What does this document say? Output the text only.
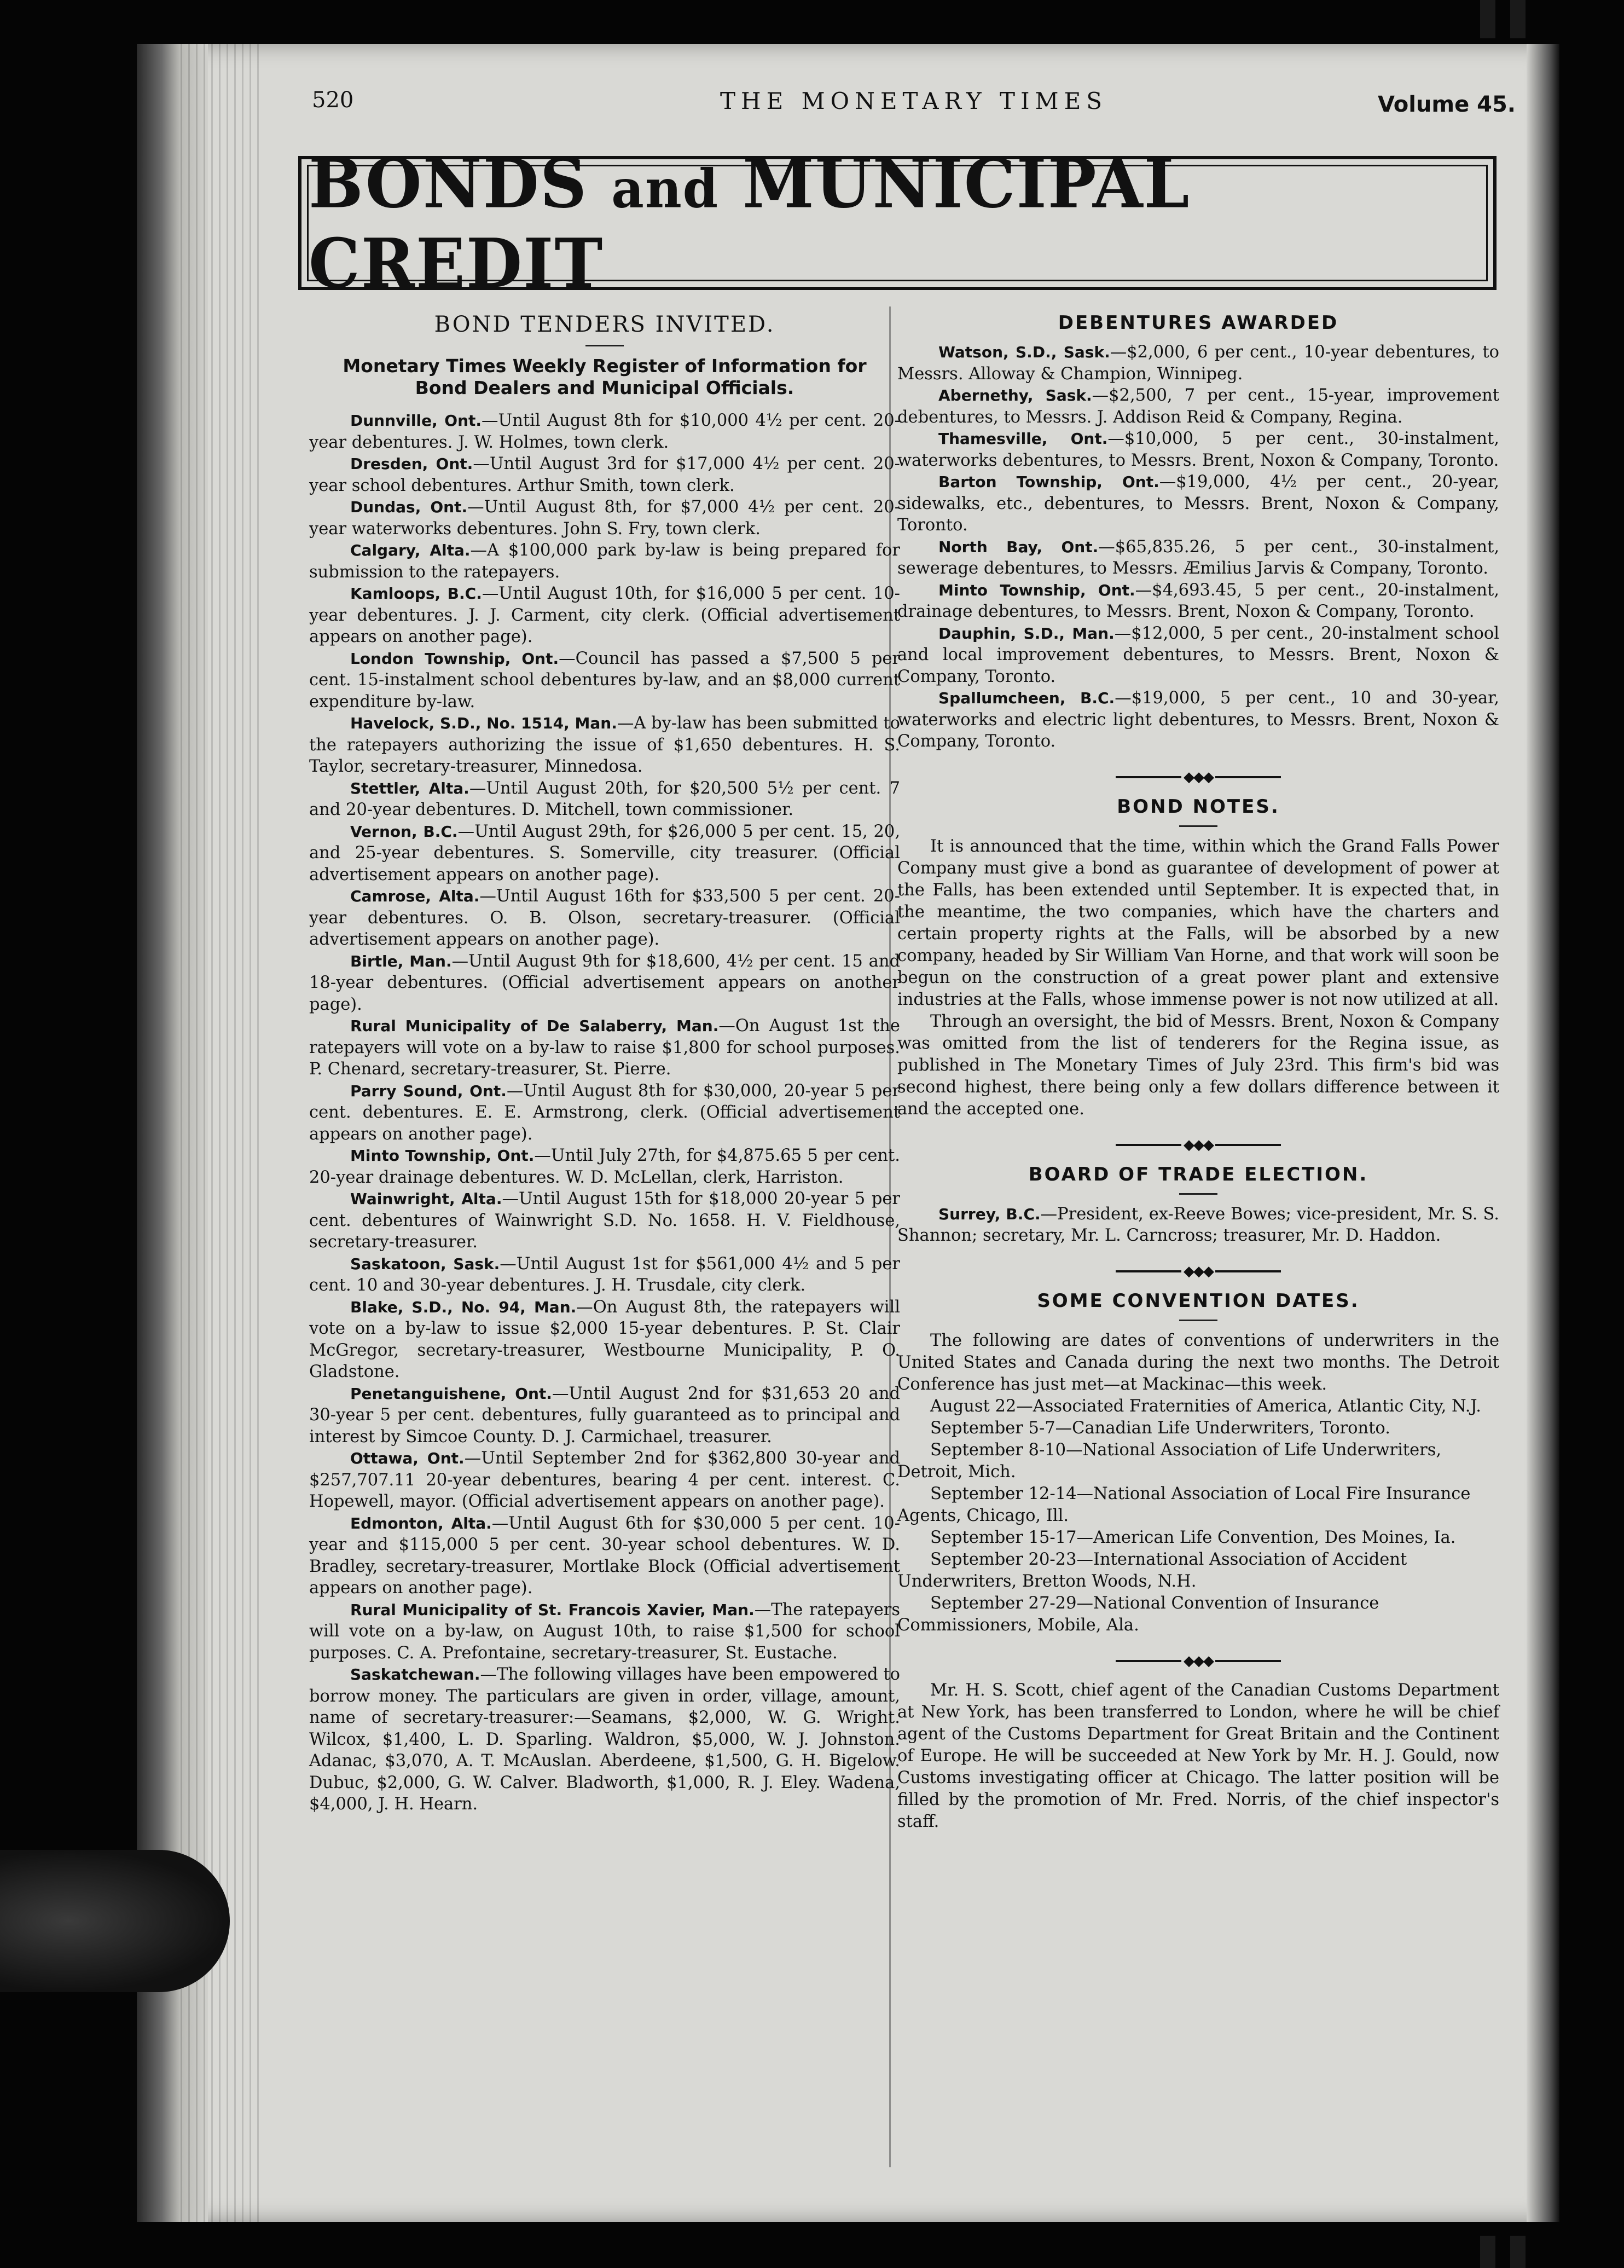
520	THE MONETARY TIMES	Volume 45.
BONDS and MUNICIPAL CREDIT
BOND TENDERS INVITED.
Monetary Times Weekly Register of Information for Bond Dealers and Municipal Officials.

Dunnville, Ont.—Until August 8th for $10,000 4½ per cent. 20-year debentures. J. W. Holmes, town clerk.

Dresden, Ont.—Until August 3rd for $17,000 4½ per cent. 20-year school debentures. Arthur Smith, town clerk.

Dundas, Ont.—Until August 8th, for $7,000 4½ per cent. 20-year waterworks debentures. John S. Fry, town clerk.

Calgary, Alta.—A $100,000 park by-law is being prepared for submission to the ratepayers.

Kamloops, B.C.—Until August 10th, for $16,000 5 per cent. 10-year debentures. J. J. Carment, city clerk. (Official advertisement appears on another page).

London Township, Ont.—Council has passed a $7,500 5 per cent. 15-instalment school debentures by-law, and an $8,000 current expenditure by-law.

Havelock, S.D., No. 1514, Man.—A by-law has been submitted to the ratepayers authorizing the issue of $1,650 debentures. H. S. Taylor, secretary-treasurer, Minnedosa.

Stettler, Alta.—Until August 20th, for $20,500 5½ per cent. 7 and 20-year debentures. D. Mitchell, town commissioner.

Vernon, B.C.—Until August 29th, for $26,000 5 per cent. 15, 20, and 25-year debentures. S. Somerville, city treasurer. (Official advertisement appears on another page).

Camrose, Alta.—Until August 16th for $33,500 5 per cent. 20-year debentures. O. B. Olson, secretary-treasurer. (Official advertisement appears on another page).

Birtle, Man.—Until August 9th for $18,600, 4½ per cent. 15 and 18-year debentures. (Official advertisement appears on another page).

Rural Municipality of De Salaberry, Man.—On August 1st the ratepayers will vote on a by-law to raise $1,800 for school purposes. P. Chenard, secretary-treasurer, St. Pierre.

Parry Sound, Ont.—Until August 8th for $30,000, 20-year 5 per cent. debentures. E. E. Armstrong, clerk. (Official advertisement appears on another page).

Minto Township, Ont.—Until July 27th, for $4,875.65 5 per cent. 20-year drainage debentures. W. D. McLellan, clerk, Harriston.

Wainwright, Alta.—Until August 15th for $18,000 20-year 5 per cent. debentures of Wainwright S.D. No. 1658. H. V. Fieldhouse, secretary-treasurer.

Saskatoon, Sask.—Until August 1st for $561,000 4½ and 5 per cent. 10 and 30-year debentures. J. H. Trusdale, city clerk.

Blake, S.D., No. 94, Man.—On August 8th, the ratepayers will vote on a by-law to issue $2,000 15-year debentures. P. St. Clair McGregor, secretary-treasurer, Westbourne Municipality, P. O. Gladstone.

Penetanguishene, Ont.—Until August 2nd for $31,653 20 and 30-year 5 per cent. debentures, fully guaranteed as to principal and interest by Simcoe County. D. J. Carmichael, treasurer.

Ottawa, Ont.—Until September 2nd for $362,800 30-year and $257,707.11 20-year debentures, bearing 4 per cent. interest. C. Hopewell, mayor. (Official advertisement appears on another page).

Edmonton, Alta.—Until August 6th for $30,000 5 per cent. 10-year and $115,000 5 per cent. 30-year school debentures. W. D. Bradley, secretary-treasurer, Mortlake Block (Official advertisement appears on another page).

Rural Municipality of St. Francois Xavier, Man.—The ratepayers will vote on a by-law, on August 10th, to raise $1,500 for school purposes. C. A. Prefontaine, secretary-treasurer, St. Eustache.

Saskatchewan.—The following villages have been empowered to borrow money. The particulars are given in order, village, amount, name of secretary-treasurer:—Seamans, $2,000, W. G. Wright. Wilcox, $1,400, L. D. Sparling. Waldron, $5,000, W. J. Johnston. Adanac, $3,070, A. T. McAuslan. Aberdeene, $1,500, G. H. Bigelow. Dubuc, $2,000, G. W. Calver. Bladworth, $1,000, R. J. Eley. Wadena, $4,000, J. H. Hearn.

DEBENTURES AWARDED

Watson, S.D., Sask.—$2,000, 6 per cent., 10-year debentures, to Messrs. Alloway & Champion, Winnipeg.

Abernethy, Sask.—$2,500, 7 per cent., 15-year, improvement debentures, to Messrs. J. Addison Reid & Company, Regina.

Thamesville, Ont.—$10,000, 5 per cent., 30-instalment, waterworks debentures, to Messrs. Brent, Noxon & Company, Toronto.

Barton Township, Ont.—$19,000, 4½ per cent., 20-year, sidewalks, etc., debentures, to Messrs. Brent, Noxon & Company, Toronto.

North Bay, Ont.—$65,835.26, 5 per cent., 30-instalment, sewerage debentures, to Messrs. Æmilius Jarvis & Company, Toronto.

Minto Township, Ont.—$4,693.45, 5 per cent., 20-instalment, drainage debentures, to Messrs. Brent, Noxon & Company, Toronto.

Dauphin, S.D., Man.—$12,000, 5 per cent., 20-instalment school and local improvement debentures, to Messrs. Brent, Noxon & Company, Toronto.

Spallumcheen, B.C.—$19,000, 5 per cent., 10 and 30-year, waterworks and electric light debentures, to Messrs. Brent, Noxon & Company, Toronto.

◆◆◆
BOND NOTES.

It is announced that the time, within which the Grand Falls Power Company must give a bond as guarantee of development of power at the Falls, has been extended until September. It is expected that, in the meantime, the two companies, which have the charters and certain property rights at the Falls, will be absorbed by a new company, headed by Sir William Van Horne, and that work will soon be begun on the construction of a great power plant and extensive industries at the Falls, whose immense power is not now utilized at all.

Through an oversight, the bid of Messrs. Brent, Noxon & Company was omitted from the list of tenderers for the Regina issue, as published in The Monetary Times of July 23rd. This firm's bid was second highest, there being only a few dollars difference between it and the accepted one.

◆◆◆
BOARD OF TRADE ELECTION.

Surrey, B.C.—President, ex-Reeve Bowes; vice-president, Mr. S. S. Shannon; secretary, Mr. L. Carncross; treasurer, Mr. D. Haddon.

◆◆◆
SOME CONVENTION DATES.

The following are dates of conventions of underwriters in the United States and Canada during the next two months. The Detroit Conference has just met—at Mackinac—this week.

August 22—Associated Fraternities of America, Atlantic City, N.J.

September 5-7—Canadian Life Underwriters, Toronto.

September 8-10—National Association of Life Underwriters, Detroit, Mich.

September 12-14—National Association of Local Fire Insurance Agents, Chicago, Ill.

September 15-17—American Life Convention, Des Moines, Ia.

September 20-23—International Association of Accident Underwriters, Bretton Woods, N.H.

September 27-29—National Convention of Insurance Commissioners, Mobile, Ala.

◆◆◆

Mr. H. S. Scott, chief agent of the Canadian Customs Department at New York, has been transferred to London, where he will be chief agent of the Customs Department for Great Britain and the Continent of Europe. He will be succeeded at New York by Mr. H. J. Gould, now Customs investigating officer at Chicago. The latter position will be filled by the promotion of Mr. Fred. Norris, of the chief inspector's staff.
